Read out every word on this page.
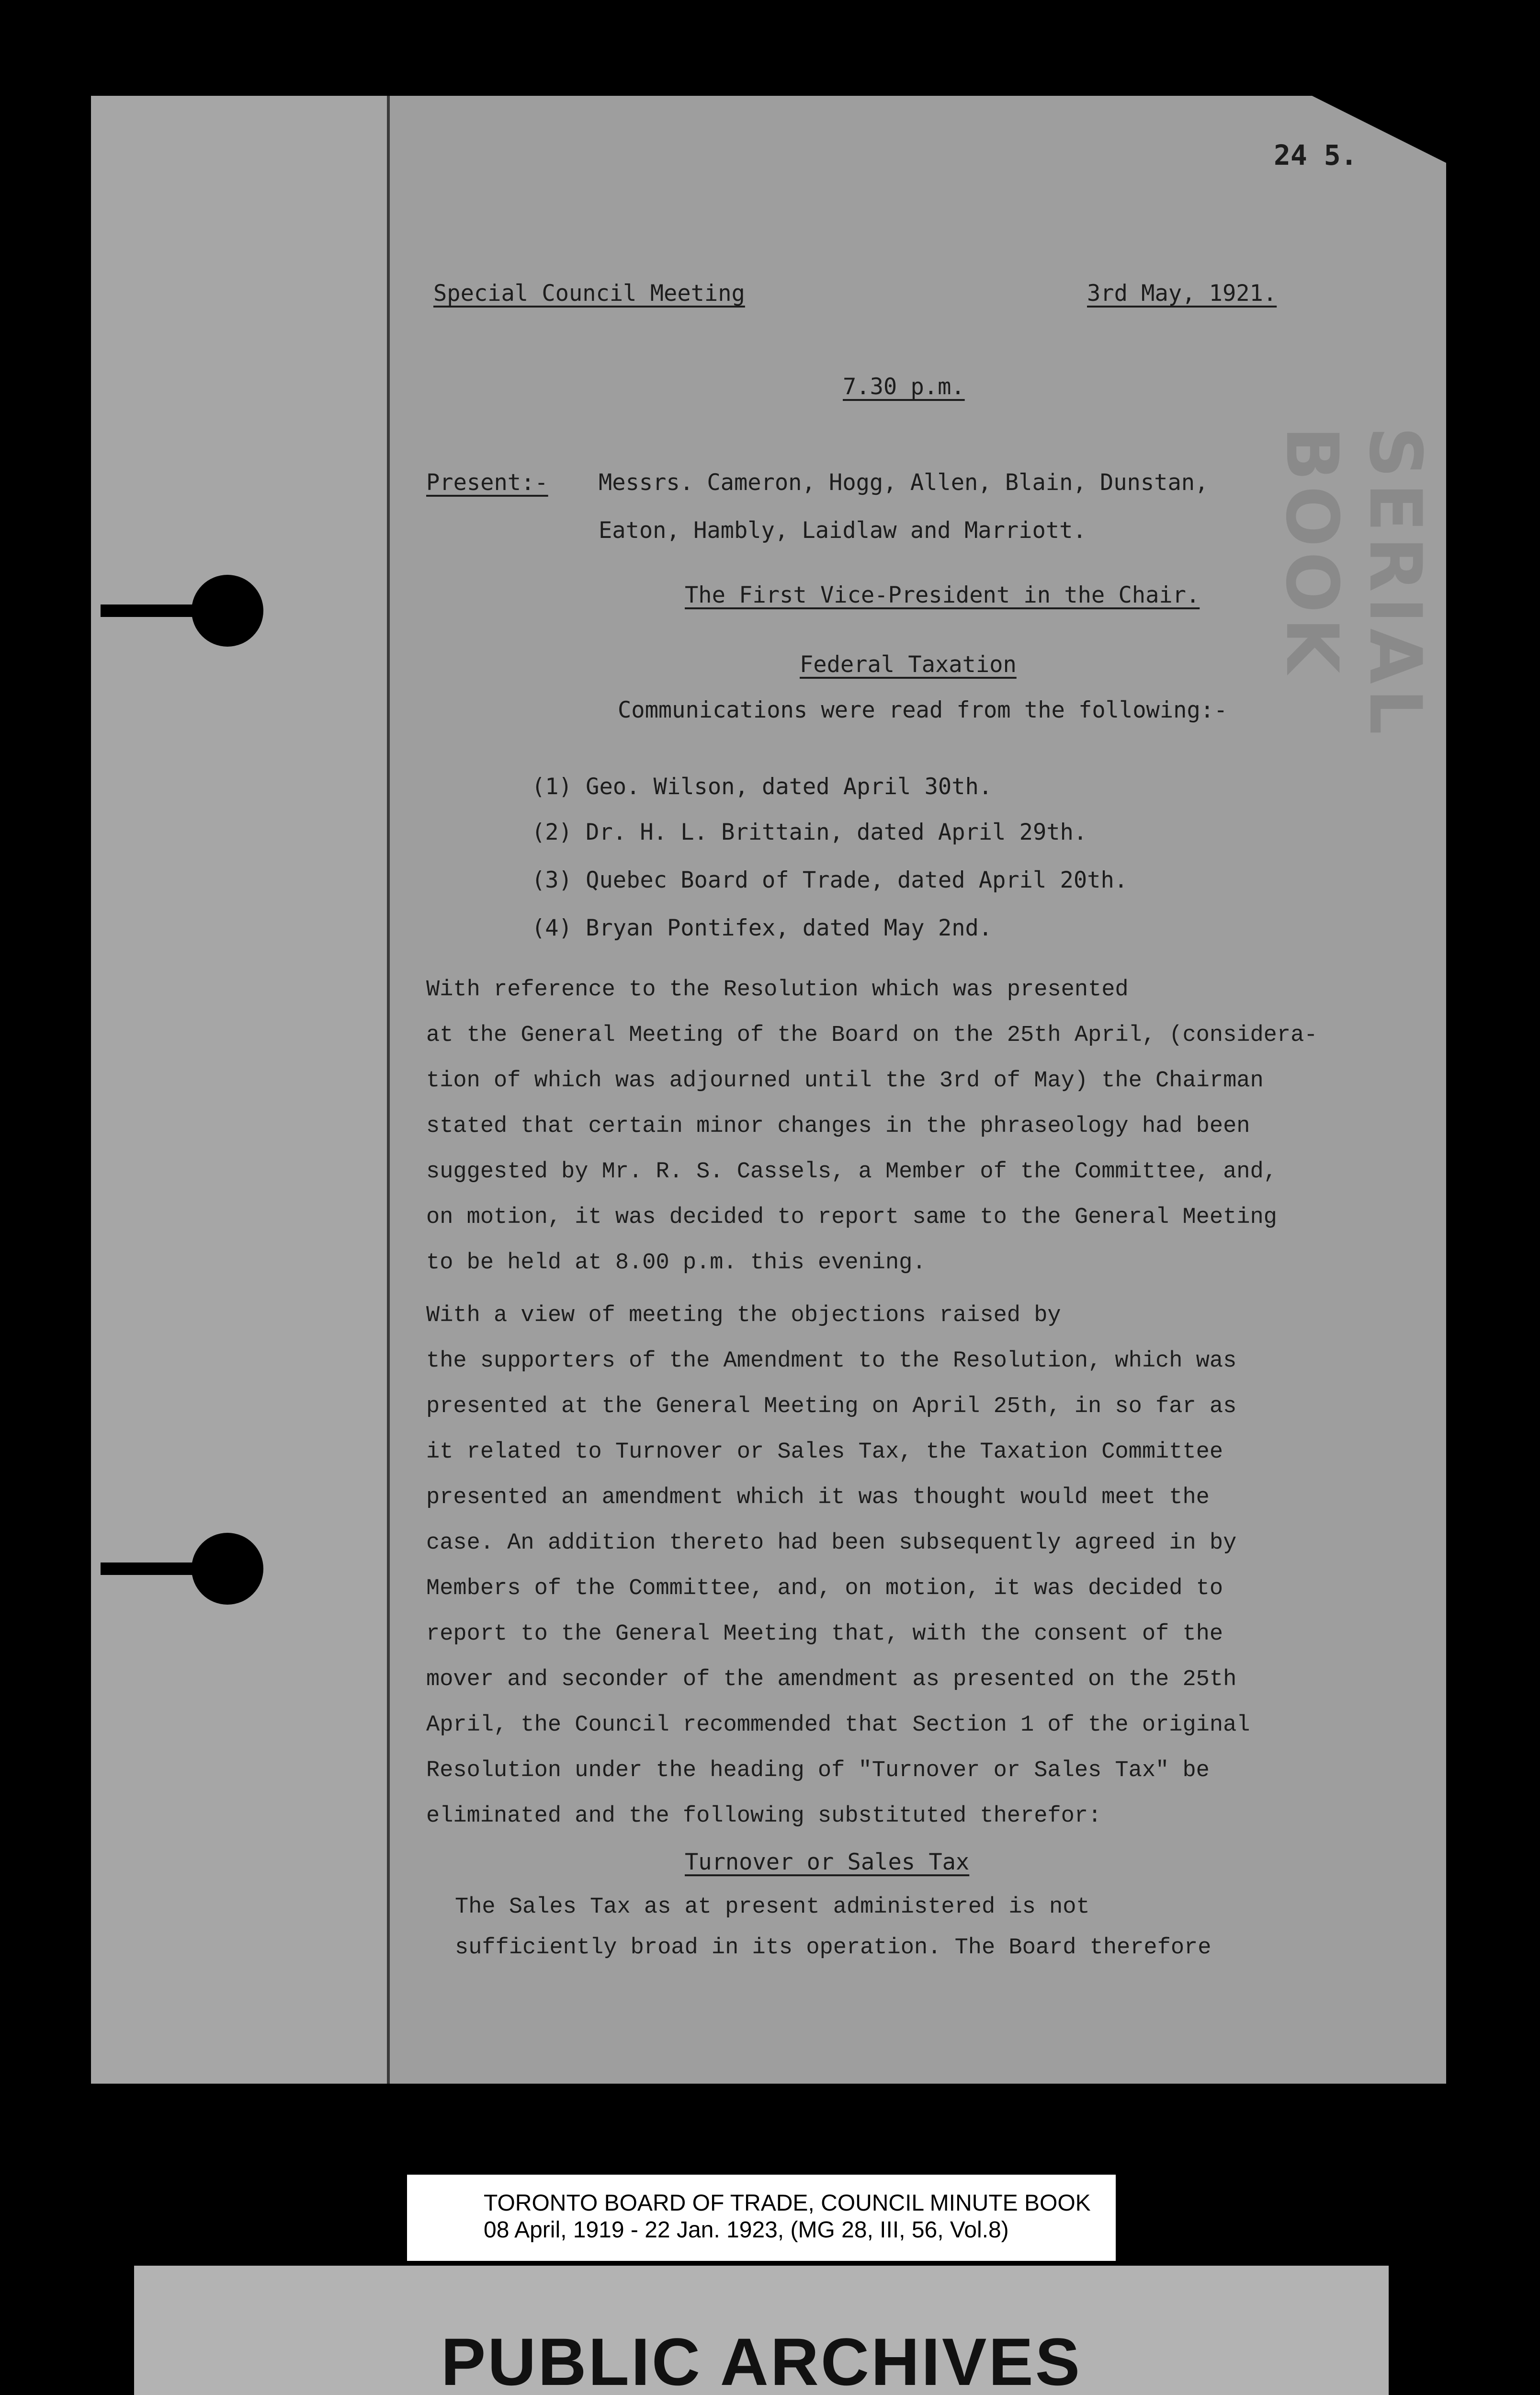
SERIAL BOOK
24 5.
Special Council Meeting	3rd May, 1921.
7.30 p.m.
Present:- Messrs. Cameron, Hogg, Allen, Blain, Dunstan,
Eaton, Hambly, Laidlaw and Marriott.
The First Vice-President in the Chair.
Federal Taxation
Communications were read from the following:-
(1) Geo. Wilson, dated April 30th.
(2) Dr. H. L. Brittain, dated April 29th.
(3) Quebec Board of Trade, dated April 20th.
(4) Bryan Pontifex, dated May 2nd.
With reference to the Resolution which was presented
at the General Meeting of the Board on the 25th April, (considera-
tion of which was adjourned until the 3rd of May) the Chairman
stated that certain minor changes in the phraseology had been
suggested by Mr. R. S. Cassels, a Member of the Committee, and,
on motion, it was decided to report same to the General Meeting
to be held at 8.00 p.m. this evening.
With a view of meeting the objections raised by
the supporters of the Amendment to the Resolution, which was
presented at the General Meeting on April 25th, in so far as
it related to Turnover or Sales Tax, the Taxation Committee
presented an amendment which it was thought would meet the
case. An addition thereto had been subsequently agreed in by
Members of the Committee, and, on motion, it was decided to
report to the General Meeting that, with the consent of the
mover and seconder of the amendment as presented on the 25th
April, the Council recommended that Section 1 of the original
Resolution under the heading of "Turnover or Sales Tax" be
eliminated and the following substituted therefor:
Turnover or Sales Tax
The Sales Tax as at present administered is not
sufficiently broad in its operation. The Board therefore
TORONTO BOARD OF TRADE, COUNCIL MINUTE BOOK
08 April, 1919 - 22 Jan. 1923, (MG 28, III, 56, Vol.8)
PUBLIC ARCHIVES
